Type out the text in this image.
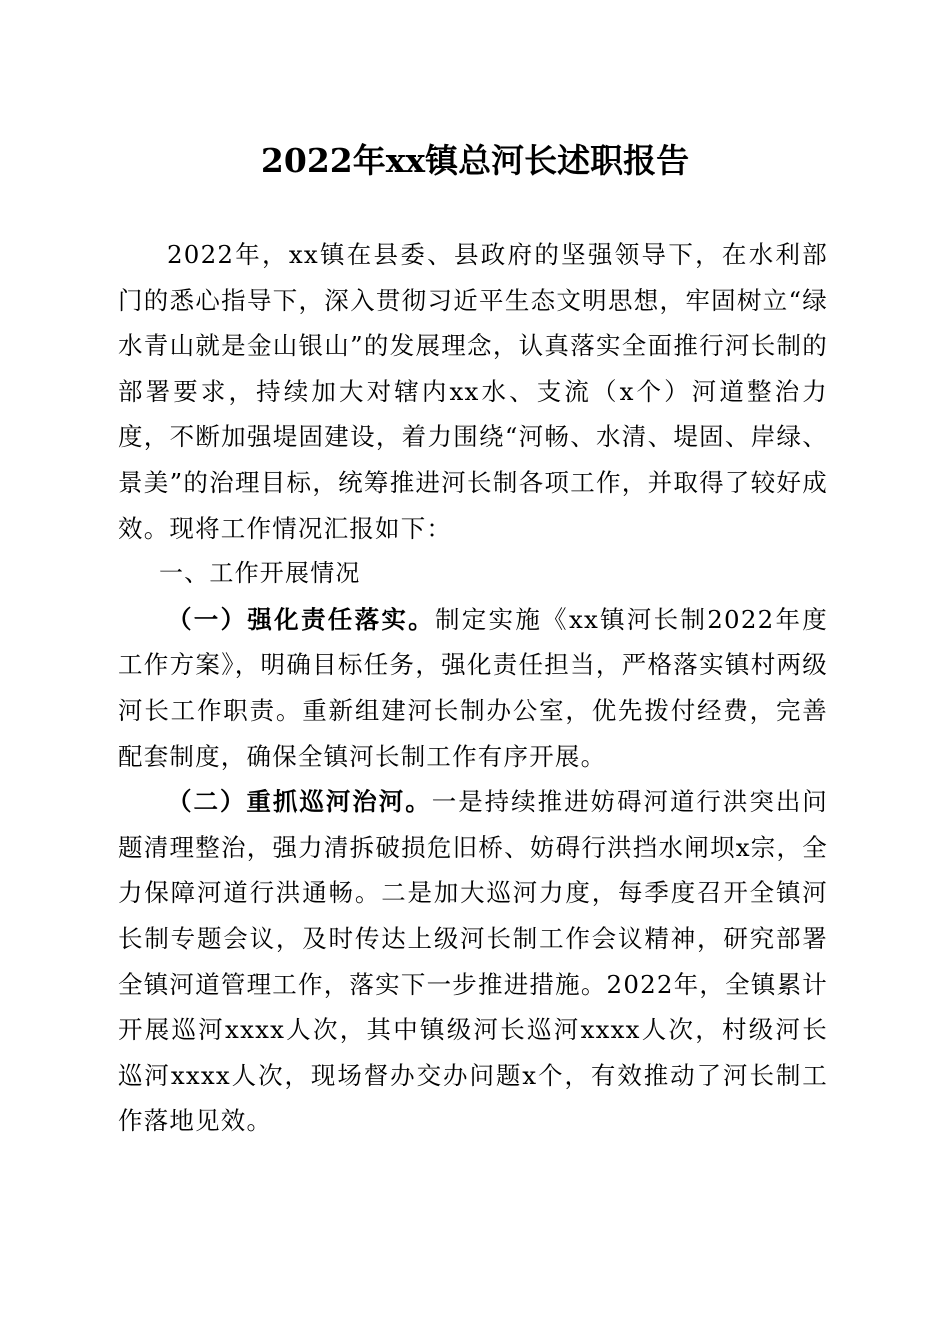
2022年xx镇总河长述职报告

2022年，xx镇在县委、县政府的坚强领导下，在水利部门的悉心指导下，深入贯彻习近平生态文明思想，牢固树立“绿水青山就是金山银山”的发展理念，认真落实全面推行河长制的部署要求，持续加大对辖内xx水、支流（x个）河道整治力度，不断加强堤固建设，着力围绕“河畅、水清、堤固、岸绿、景美”的治理目标，统筹推进河长制各项工作，并取得了较好成效。现将工作情况汇报如下：

一、工作开展情况

（一）强化责任落实。制定实施《xx镇河长制2022年度工作方案》，明确目标任务，强化责任担当，严格落实镇村两级河长工作职责。重新组建河长制办公室，优先拨付经费，完善配套制度，确保全镇河长制工作有序开展。

（二）重抓巡河治河。一是持续推进妨碍河道行洪突出问题清理整治，强力清拆破损危旧桥、妨碍行洪挡水闸坝x宗，全力保障河道行洪通畅。二是加大巡河力度，每季度召开全镇河长制专题会议，及时传达上级河长制工作会议精神，研究部署全镇河道管理工作，落实下一步推进措施。2022年，全镇累计开展巡河xxxx人次，其中镇级河长巡河xxxx人次，村级河长巡河xxxx人次，现场督办交办问题x个，有效推动了河长制工作落地见效。
